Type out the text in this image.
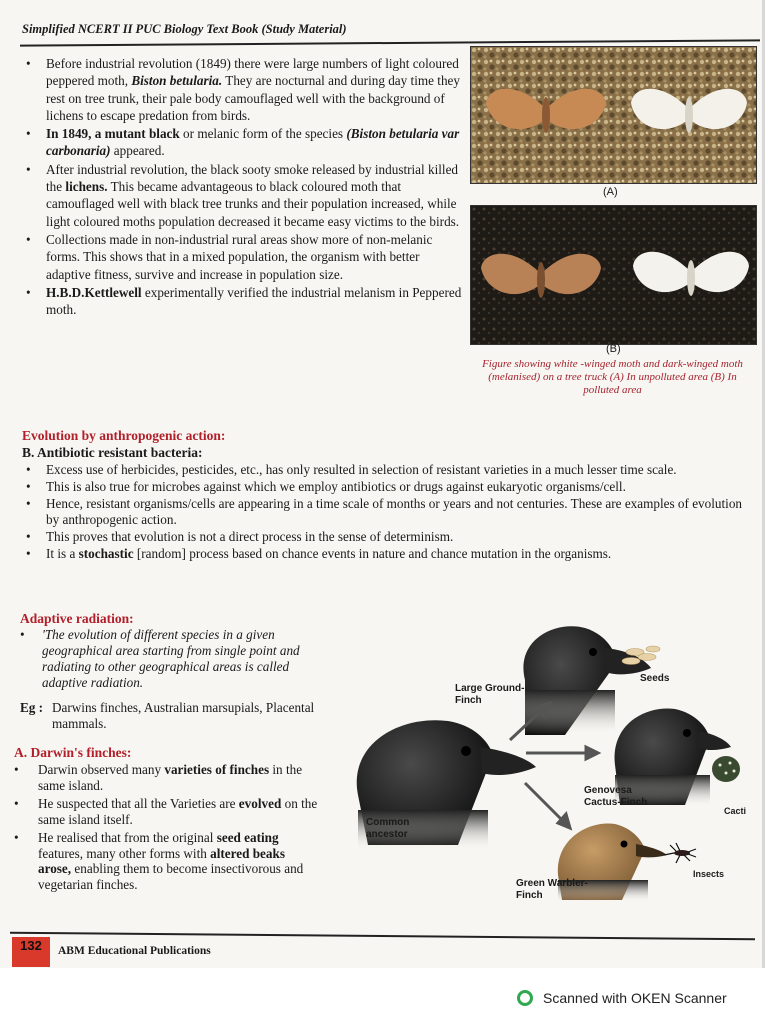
Simplified NCERT II PUC Biology Text Book (Study Material)
• Before industrial revolution (1849) there were large numbers of light coloured peppered moth, Biston betularia. They are nocturnal and during day time they rest on tree trunk, their pale body camouflaged well with the background of lichens to escape predation from birds.
• In 1849, a mutant black or melanic form of the species (Biston betularia var carbonaria) appeared.
• After industrial revolution, the black sooty smoke released by industrial killed the lichens. This became advantageous to black coloured moth that camouflaged well with black tree trunks and their population increased, while light coloured moths population decreased it became easy victims to the birds.
• Collections made in non-industrial rural areas show more of non-melanic forms. This shows that in a mixed population, the organism with better adaptive fitness, survive and increase in population size.
• H.B.D.Kettlewell experimentally verified the industrial melanism in Peppered moth.
(A)
(B)
Figure showing white -winged moth and dark-winged moth (melanised) on a tree truck (A) In unpolluted area (B) In polluted area
Evolution by anthropogenic action:
B. Antibiotic resistant bacteria:
• Excess use of herbicides, pesticides, etc., has only resulted in selection of resistant varieties in a much lesser time scale.
• This is also true for microbes against which we employ antibiotics or drugs against eukaryotic organisms/cell.
• Hence, resistant organisms/cells are appearing in a time scale of months or years and not centuries. These are examples of evolution by anthropogenic action.
• This proves that evolution is not a direct process in the sense of determinism.
• It is a stochastic [random] process based on chance events in nature and chance mutation in the organisms.
Adaptive radiation:
•	'The evolution of different species in a given geographical area starting from single point and radiating to other geographical areas is called adaptive radiation.
Eg : Darwins finches, Australian marsupials, Placental mammals.
A. Darwin's finches:
• Darwin observed many varieties of finches in the same island.
• He suspected that all the Varieties are evolved on the same island itself.
• He realised that from the original seed eating features, many other forms with altered beaks arose, enabling them to become insectivorous and vegetarian finches.
Large Ground-Finch
Seeds
Common ancestor
Genovesa Cactus-Finch
Cacti
Green Warbler-Finch
Insects
132	ABM Educational Publications
Scanned with OKEN Scanner
